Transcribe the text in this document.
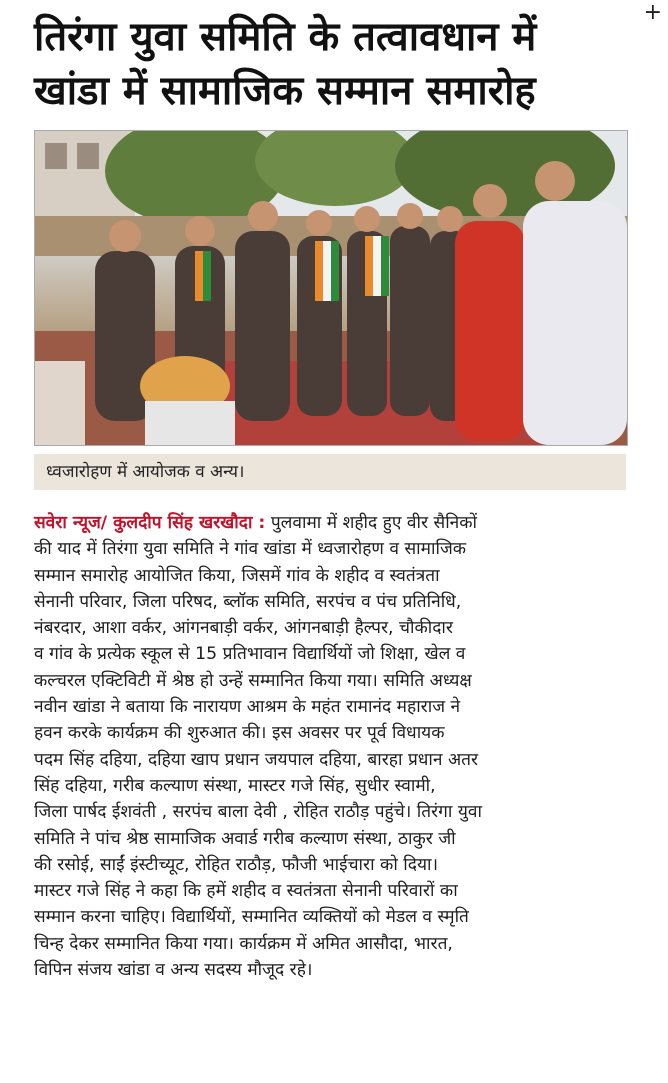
+
तिरंगा युवा समिति के तत्वावधान में
खांडा में सामाजिक सम्मान समारोह
ध्वजारोहण में आयोजक व अन्य।
सवेरा न्यूज/ कुलदीप सिंह खरखौदा : पुलवामा में शहीद हुए वीर सैनिकों
की याद में तिरंगा युवा समिति ने गांव खांडा में ध्वजारोहण व सामाजिक
सम्मान समारोह आयोजित किया, जिसमें गांव के शहीद व स्वतंत्रता
सेनानी परिवार, जिला परिषद, ब्लॉक समिति, सरपंच व पंच प्रतिनिधि,
नंबरदार, आशा वर्कर, आंगनबाड़ी वर्कर, आंगनबाड़ी हैल्पर, चौकीदार
व गांव के प्रत्येक स्कूल से 15 प्रतिभावान विद्यार्थियों जो शिक्षा, खेल व
कल्चरल एक्टिविटी में श्रेष्ठ हो उन्हें सम्मानित किया गया। समिति अध्यक्ष
नवीन खांडा ने बताया कि नारायण आश्रम के महंत रामानंद महाराज ने
हवन करके कार्यक्रम की शुरुआत की। इस अवसर पर पूर्व विधायक
पदम सिंह दहिया, दहिया खाप प्रधान जयपाल दहिया, बारहा प्रधान अतर
सिंह दहिया, गरीब कल्याण संस्था, मास्टर गजे सिंह, सुधीर स्वामी,
जिला पार्षद ईशवंती , सरपंच बाला देवी , रोहित राठौड़ पहुंचे। तिरंगा युवा
समिति ने पांच श्रेष्ठ सामाजिक अवार्ड गरीब कल्याण संस्था, ठाकुर जी
की रसोई, साईं इंस्टीच्यूट, रोहित राठौड़, फौजी भाईचारा को दिया।
मास्टर गजे सिंह ने कहा कि हमें शहीद व स्वतंत्रता सेनानी परिवारों का
सम्मान करना चाहिए। विद्यार्थियों, सम्मानित व्यक्तियों को मेडल व स्मृति
चिन्ह देकर सम्मानित किया गया। कार्यक्रम में अमित आसौदा, भारत,
विपिन संजय खांडा व अन्य सदस्य मौजूद रहे।
